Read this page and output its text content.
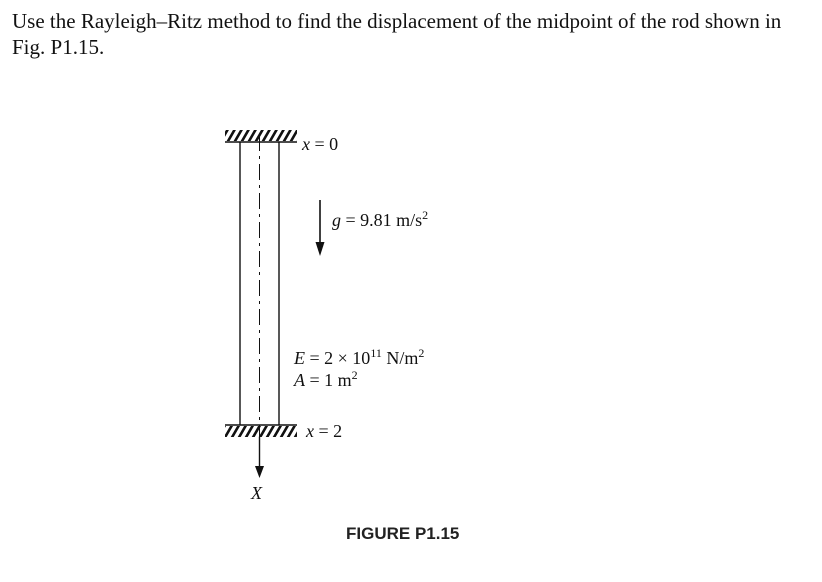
Use the Rayleigh–Ritz method to find the displacement of the midpoint of the rod shown in Fig. P1.15.

X
x = 0
g = 9.81 $m/s^2$
$E = 2 \times 10^{11}$ $N/m^2$
A = 1 $m^2$
x = 2
FIGURE P1.15
